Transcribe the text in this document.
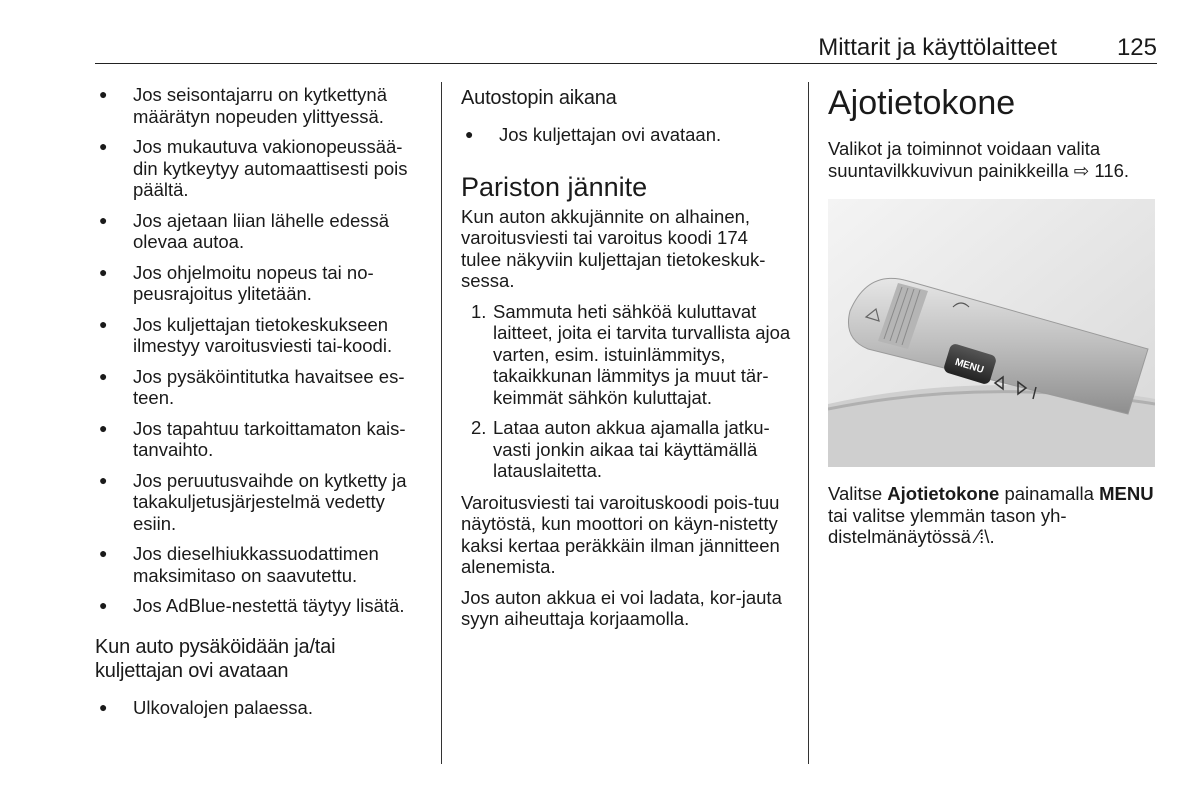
Mittarit ja käyttölaitteet 125
● Jos seisontajarru on kytkettynä määrätyn nopeuden ylittyessä.
● Jos mukautuva vakionopeussää-din kytkeytyy automaattisesti pois päältä.
● Jos ajetaan liian lähelle edessä olevaa autoa.
● Jos ohjelmoitu nopeus tai no-peusrajoitus ylitetään.
● Jos kuljettajan tietokeskukseen ilmestyy varoitusviesti tai-koodi.
● Jos pysäköintitutka havaitsee es-teen.
● Jos tapahtuu tarkoittamaton kais-tanvaihto.
● Jos peruutusvaihde on kytketty ja takakuljetusjärjestelmä vedetty esiin.
● Jos dieselhiukkassuodattimen maksimitaso on saavutettu.
● Jos AdBlue-nestettä täytyy lisätä.
Kun auto pysäköidään ja/tai kuljettajan ovi avataan
● Ulkovalojen palaessa.
Autostopin aikana
● Jos kuljettajan ovi avataan.
Pariston jännite

Kun auton akkujännite on alhainen, varoitusviesti tai varoitus koodi 174 tulee näkyviin kuljettajan tietokeskuk-sessa.

1. Sammuta heti sähköä kuluttavat laitteet, joita ei tarvita turvallista ajoa varten, esim. istuinlämmitys, takaikkunan lämmitys ja muut tär-keimmät sähkön kuluttajat.
2. Lataa auton akkua ajamalla jatku-vasti jonkin aikaa tai käyttämällä latauslaitetta.

Varoitusviesti tai varoituskoodi pois-tuu näytöstä, kun moottori on käyn-nistetty kaksi kertaa peräkkäin ilman jännitteen alenemista.

Jos auton akkua ei voi ladata, kor-jauta syyn aiheuttaja korjaamolla.

Ajotietokone

Valikot ja toiminnot voidaan valita suuntavilkkuvivun painikkeilla ⇨ 116.

MENU

Valitse Ajotietokone painamalla MENU tai valitse ylemmän tason yh-distelmänäytössä ⁄⁞\.
